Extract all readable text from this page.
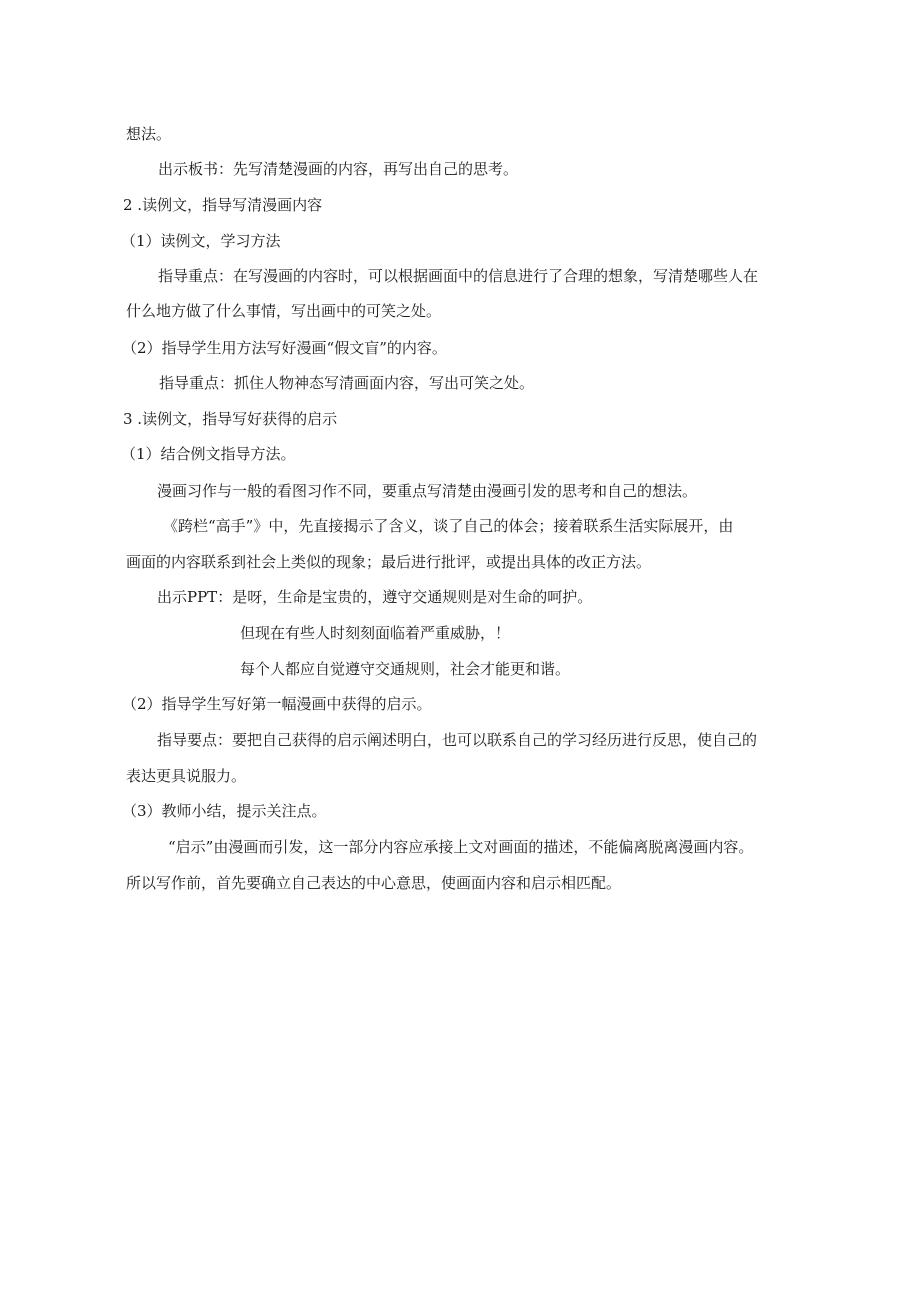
想法。
出示板书：先写清楚漫画的内容，再写出自己的思考。
2 .读例文，指导写清漫画内容
（1）读例文，学习方法
指导重点：在写漫画的内容时，可以根据画面中的信息进行了合理的想象，写清楚哪些人在
什么地方做了什么事情，写出画中的可笑之处。
（2）指导学生用方法写好漫画“假文盲”的内容。
指导重点：抓住人物神态写清画面内容，写出可笑之处。
3 .读例文，指导写好获得的启示
（1）结合例文指导方法。
漫画习作与一般的看图习作不同，要重点写清楚由漫画引发的思考和自己的想法。
《跨栏“高手”》中，先直接揭示了含义，谈了自己的体会；接着联系生活实际展开，由
画面的内容联系到社会上类似的现象；最后进行批评，或提出具体的改正方法。
出示PPT：是呀，生命是宝贵的，遵守交通规则是对生命的呵护。
但现在有些人时刻刻面临着严重威胁，！
每个人都应自觉遵守交通规则，社会才能更和谐。
（2）指导学生写好第一幅漫画中获得的启示。
指导要点：要把自己获得的启示阐述明白，也可以联系自己的学习经历进行反思，使自己的
表达更具说服力。
（3）教师小结，提示关注点。
“启示”由漫画而引发，这一部分内容应承接上文对画面的描述，不能偏离脱离漫画内容。
所以写作前，首先要确立自己表达的中心意思，使画面内容和启示相匹配。
